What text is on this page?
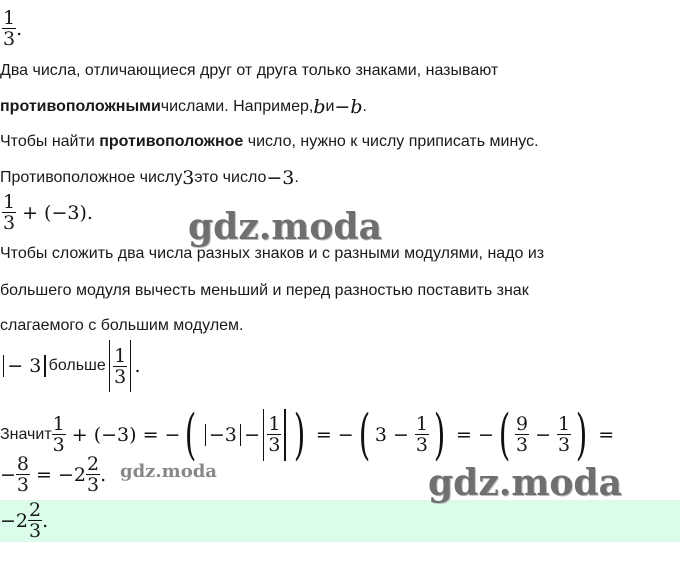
$\frac{1}{3}$ .
Два числа, отличающиеся друг от друга только знаками, называют
противоположными числами. Например, b и −b .
Чтобы найти противоположное число, нужно к числу приписать минус.
Противоположное числу 3 это число −3 .
$\frac{1}{3} + (-3)$.
Чтобы сложить два числа разных знаков и с разными модулями, надо из
большего модуля вычесть меньший и перед разностью поставить знак
слагаемого с большим модулем.
− 3 больше $\frac{1}{3}$ .
Значит $\frac{1}{3} + (-3)$ = − ( $-3 - \frac{1}{3}$ ) = − ( $3 - \frac{1}{3}$ ) = − ( $\frac{9}{3} - \frac{1}{3}$ ) =
− $\frac{8}{3} = -2 \frac{2}{3}$ .
$-2 \frac{2}{3}$ .
gdz.moda
gdz.moda	gdz.moda
